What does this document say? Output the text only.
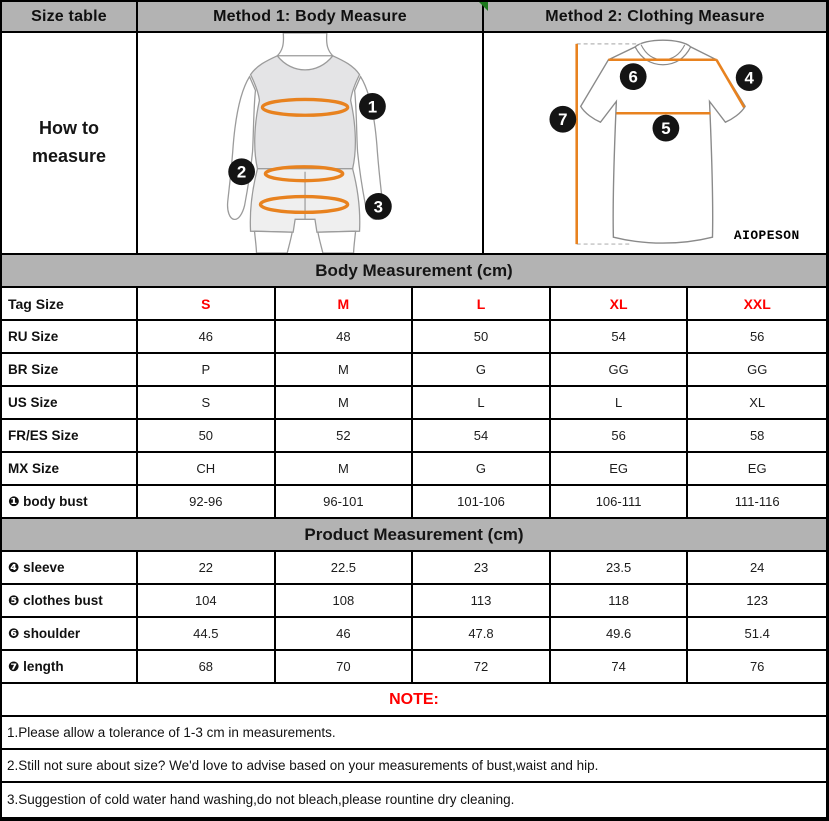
Size table	Method 1: Body Measure	Method 2: Clothing Measure
How to
measure
1
2
3
6	4
7	5
AIOPESON
Body Measurement (cm)
Tag Size	S	M	L	XL	XXL
RU Size	46	48	50	54	56
BR Size	P	M	G	GG	GG
US Size	S	M	L	L	XL
FR/ES Size	50	52	54	56	58
MX Size	CH	M	G	EG	EG
❶ body bust	92-96	96-101	101-106	106-111	111-116
Product Measurement (cm)
❹ sleeve	22	22.5	23	23.5	24
❺ clothes bust	104	108	113	118	123
❻ shoulder	44.5	46	47.8	49.6	51.4
❼ length	68	70	72	74	76
NOTE:
1.Please allow a tolerance of 1-3 cm in measurements.
2.Still not sure about size? We'd love to advise based on your measurements of bust,waist and hip.
3.Suggestion of cold water hand washing,do not bleach,please rountine dry cleaning.
